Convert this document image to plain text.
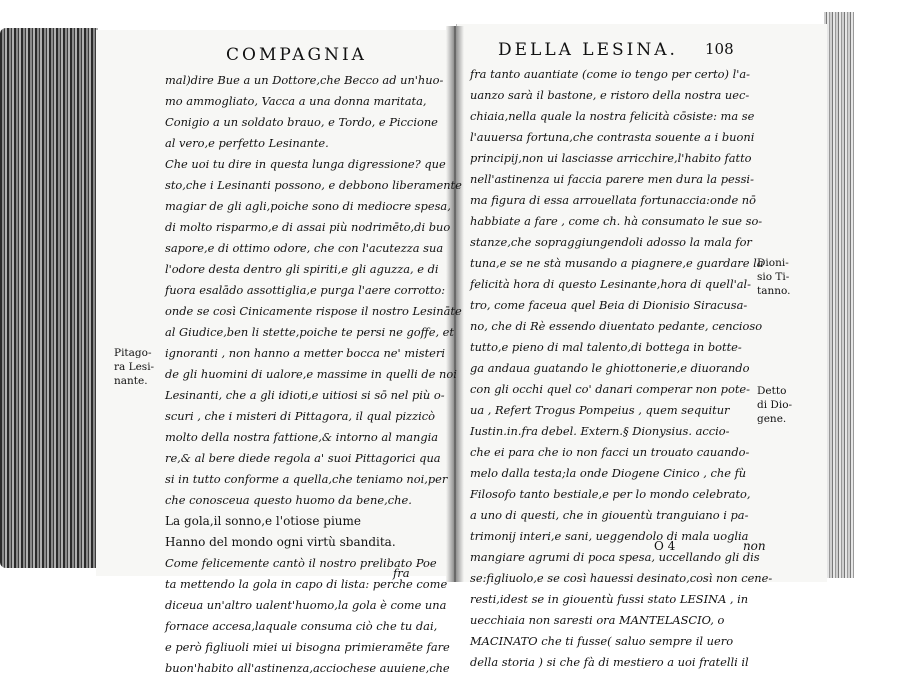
COMPAGNIA	DELLA LESINA. 108
mal)dire Bue a un Dottore,che Becco ad un'huo-
mo ammogliato, Vacca a una donna maritata,
Conigio a un soldato brauo, e Tordo, e Piccione
al vero,e perfetto Lesinante.
Che uoi tu dire in questa lunga digressione? que
sto,che i Lesinanti possono, e debbono liberamente
magiar de gli agli,poiche sono di mediocre spesa,
di molto risparmo,e di assai più nodrimēto,di buo
sapore,e di ottimo odore, che con l'acutezza sua
l'odore desta dentro gli spiriti,e gli aguzza, e di
fuora esalādo assottiglia,e purga l'aere corrotto:
onde se così Cinicamente rispose il nostro Lesināte
al Giudice,ben li stette,poiche te persi ne goffe, et
ignoranti , non hanno a metter bocca ne' misteri
de gli huomini di ualore,e massime in quelli de noi
Lesinanti, che a gli idioti,e uitiosi si sō nel più o-
scuri , che i misteri di Pittagora, il qual pizzicò
molto della nostra fattione,& intorno al mangia
re,& al bere diede regola a' suoi Pittagorici qua
si in tutto conforme a quella,che teniamo noi,per
che conosceua questo huomo da bene,che.
La gola,il sonno,e l'otiose piume
Hanno del mondo ogni virtù sbandita.
Come felicemente cantò il nostro prelibato Poe
ta mettendo la gola in capo di lista: perche come
diceua un'altro ualent'huomo,la gola è come una
fornace accesa,laquale consuma ciò che tu dai,
e però figliuoli miei ui bisogna primieramēte fare
buon'habito all'astinenza,acciochese auuiene,che
fra tanto auantiate (come io tengo per certo) l'a-
uanzo sarà il bastone, e ristoro della nostra uec-
chiaia,nella quale la nostra felicità cōsiste: ma se
l'auuersa fortuna,che contrasta souente a i buoni
principij,non ui lasciasse arricchire,l'habito fatto
nell'astinenza ui faccia parere men dura la pessi-
ma figura di essa arrouellata fortunaccia:onde nō
habbiate a fare , come ch. hà consumato le sue so-
stanze,che sopraggiungendoli adosso la mala for
tuna,e se ne stà musando a piagnere,e guardare la
felicità hora di questo Lesinante,hora di quell'al-
tro, come faceua quel Beia di Dionisio Siracusa-
no, che di Rè essendo diuentato pedante, cencioso
tutto,e pieno di mal talento,di bottega in botte-
ga andaua guatando le ghiottonerie,e diuorando
con gli occhi quel co' danari comperar non pote-
ua , Refert Trogus Pompeius , quem sequitur
Iustin.in.fra debel. Extern.§ Dionysius. accio-
che ei para che io non facci un trouato cauando-
melo dalla testa;la onde Diogene Cinico , che fù
Filosofo tanto bestiale,e per lo mondo celebrato,
a uno di questi, che in giouentù tranguiano i pa-
trimonij interi,e sani, ueggendolo di mala uoglia
mangiare agrumi di poca spesa, uccellando gli dis
se:figliuolo,e se così hauessi desinato,così non cene-
resti,idest se in giouentù fussi stato LESINA , in
uecchiaia non saresti ora MANTELASCIO, o
MACINATO che ti fusse( saluo sempre il uero
della storia ) si che fà di mestiero a uoi fratelli il
Pitago-
ra Lesi-
nante.
Dioni-
sio Ti-
tanno.
Detto
di Dio-
gene.
fra
O 4	non
